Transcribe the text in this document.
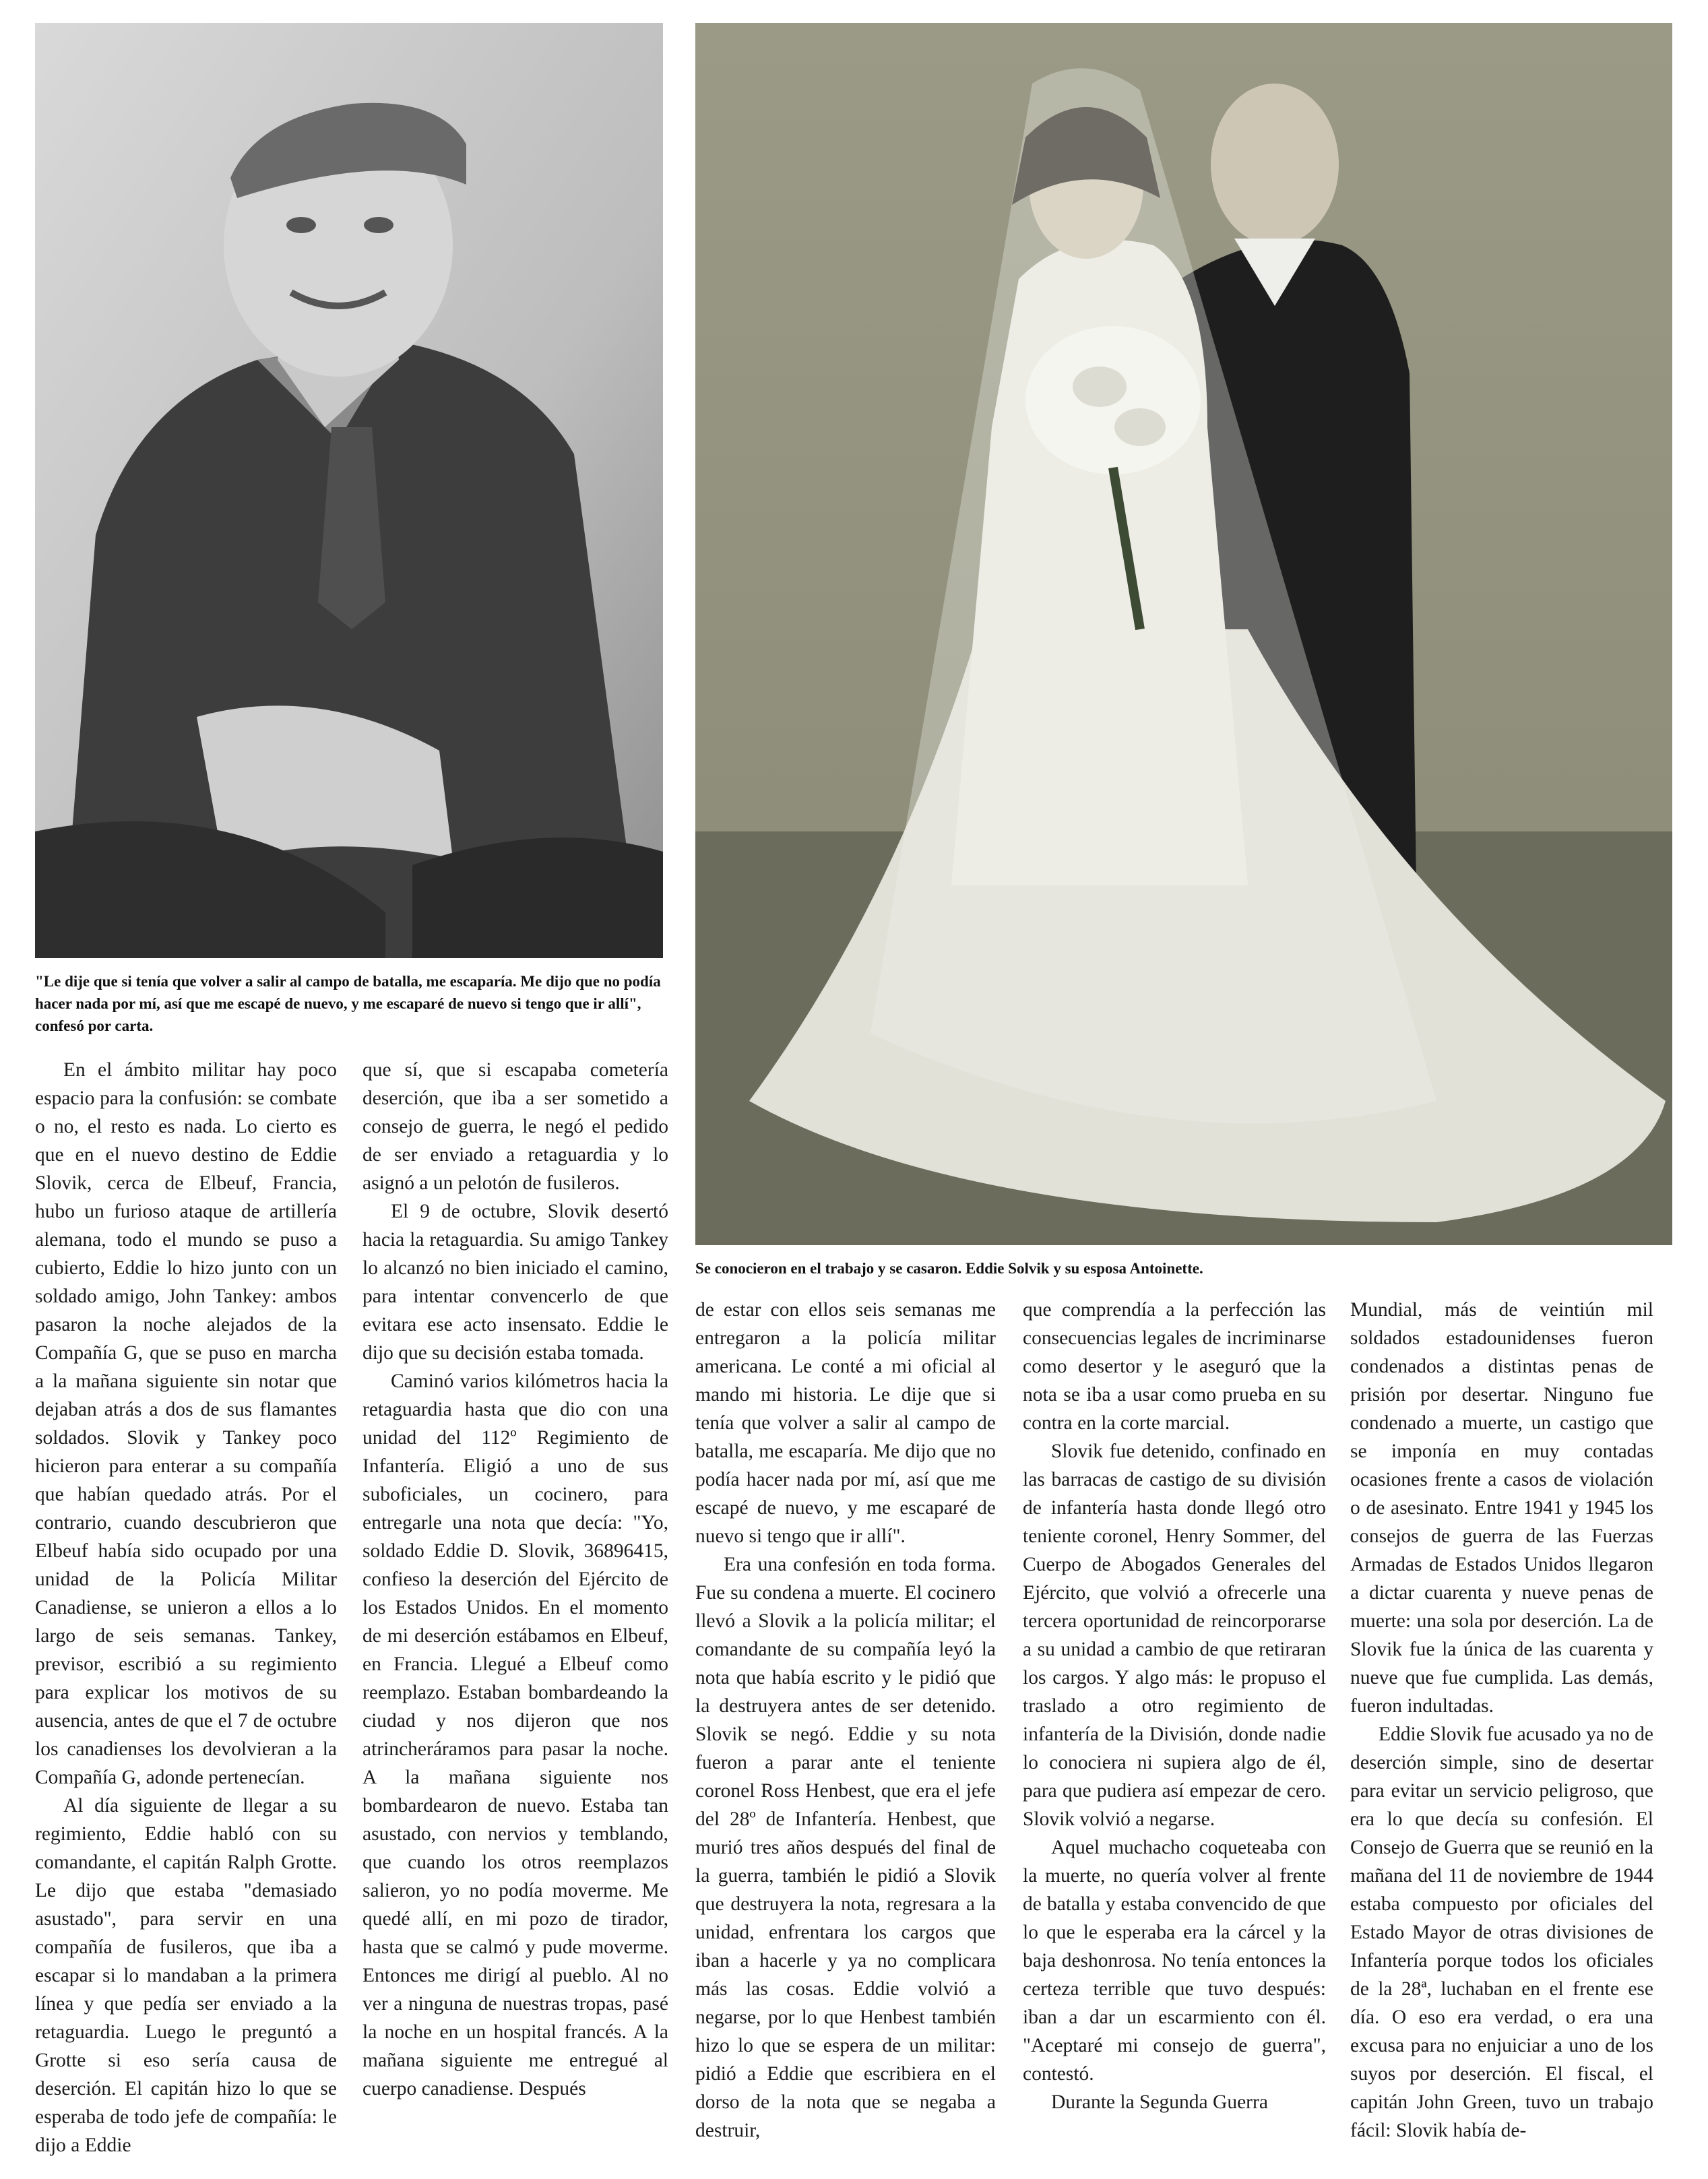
"Le dije que si tenía que volver a salir al campo de batalla, me escaparía. Me dijo que no podía hacer nada por mí, así que me escapé de nuevo, y me escaparé de nuevo si tengo que ir allí", confesó por carta.

Se conocieron en el trabajo y se casaron. Eddie Solvik y su esposa Antoinette.

En el ámbito militar hay poco espacio para la confusión: se combate o no, el resto es nada. Lo cierto es que en el nuevo destino de Eddie Slovik, cerca de Elbeuf, Francia, hubo un furioso ataque de artillería alemana, todo el mundo se puso a cubierto, Eddie lo hizo junto con un soldado amigo, John Tankey: ambos pasaron la noche alejados de la Compañía G, que se puso en marcha a la mañana siguiente sin notar que dejaban atrás a dos de sus flamantes soldados. Slovik y Tankey poco hicieron para enterar a su compañía que habían quedado atrás. Por el contrario, cuando descubrieron que Elbeuf había sido ocupado por una unidad de la Policía Militar Canadiense, se unieron a ellos a lo largo de seis semanas. Tankey, previsor, escribió a su regimiento para explicar los motivos de su ausencia, antes de que el 7 de octubre los canadienses los devolvieran a la Compañía G, adonde pertenecían.

Al día siguiente de llegar a su regimiento, Eddie habló con su comandante, el capitán Ralph Grotte. Le dijo que estaba "demasiado asustado", para servir en una compañía de fusileros, que iba a escapar si lo mandaban a la primera línea y que pedía ser enviado a la retaguardia. Luego le preguntó a Grotte si eso sería causa de deserción. El capitán hizo lo que se esperaba de todo jefe de compañía: le dijo a Eddie

que sí, que si escapaba cometería deserción, que iba a ser sometido a consejo de guerra, le negó el pedido de ser enviado a retaguardia y lo asignó a un pelotón de fusileros.

El 9 de octubre, Slovik desertó hacia la retaguardia. Su amigo Tankey lo alcanzó no bien iniciado el camino, para intentar convencerlo de que evitara ese acto insensato. Eddie le dijo que su decisión estaba tomada.

Caminó varios kilómetros hacia la retaguardia hasta que dio con una unidad del 112º Regimiento de Infantería. Eligió a uno de sus suboficiales, un cocinero, para entregarle una nota que decía: "Yo, soldado Eddie D. Slovik, 36896415, confieso la deserción del Ejército de los Estados Unidos. En el momento de mi deserción estábamos en Elbeuf, en Francia. Llegué a Elbeuf como reemplazo. Estaban bombardeando la ciudad y nos dijeron que nos atrincheráramos para pasar la noche. A la mañana siguiente nos bombardearon de nuevo. Estaba tan asustado, con nervios y temblando, que cuando los otros reemplazos salieron, yo no podía moverme. Me quedé allí, en mi pozo de tirador, hasta que se calmó y pude moverme. Entonces me dirigí al pueblo. Al no ver a ninguna de nuestras tropas, pasé la noche en un hospital francés. A la mañana siguiente me entregué al cuerpo canadiense. Después

de estar con ellos seis semanas me entregaron a la policía militar americana. Le conté a mi oficial al mando mi historia. Le dije que si tenía que volver a salir al campo de batalla, me escaparía. Me dijo que no podía hacer nada por mí, así que me escapé de nuevo, y me escaparé de nuevo si tengo que ir allí".

Era una confesión en toda forma. Fue su condena a muerte. El cocinero llevó a Slovik a la policía militar; el comandante de su compañía leyó la nota que había escrito y le pidió que la destruyera antes de ser detenido. Slovik se negó. Eddie y su nota fueron a parar ante el teniente coronel Ross Henbest, que era el jefe del 28º de Infantería. Henbest, que murió tres años después del final de la guerra, también le pidió a Slovik que destruyera la nota, regresara a la unidad, enfrentara los cargos que iban a hacerle y ya no complicara más las cosas. Eddie volvió a negarse, por lo que Henbest también hizo lo que se espera de un militar: pidió a Eddie que escribiera en el dorso de la nota que se negaba a destruir,

que comprendía a la perfección las consecuencias legales de incriminarse como desertor y le aseguró que la nota se iba a usar como prueba en su contra en la corte marcial.

Slovik fue detenido, confinado en las barracas de castigo de su división de infantería hasta donde llegó otro teniente coronel, Henry Sommer, del Cuerpo de Abogados Generales del Ejército, que volvió a ofrecerle una tercera oportunidad de reincorporarse a su unidad a cambio de que retiraran los cargos. Y algo más: le propuso el traslado a otro regimiento de infantería de la División, donde nadie lo conociera ni supiera algo de él, para que pudiera así empezar de cero. Slovik volvió a negarse.

Aquel muchacho coqueteaba con la muerte, no quería volver al frente de batalla y estaba convencido de que lo que le esperaba era la cárcel y la baja deshonrosa. No tenía entonces la certeza terrible que tuvo después: iban a dar un escarmiento con él. "Aceptaré mi consejo de guerra", contestó.

Durante la Segunda Guerra

Mundial, más de veintiún mil soldados estadounidenses fueron condenados a distintas penas de prisión por desertar. Ninguno fue condenado a muerte, un castigo que se imponía en muy contadas ocasiones frente a casos de violación o de asesinato. Entre 1941 y 1945 los consejos de guerra de las Fuerzas Armadas de Estados Unidos llegaron a dictar cuarenta y nueve penas de muerte: una sola por deserción. La de Slovik fue la única de las cuarenta y nueve que fue cumplida. Las demás, fueron indultadas.

Eddie Slovik fue acusado ya no de deserción simple, sino de desertar para evitar un servicio peligroso, que era lo que decía su confesión. El Consejo de Guerra que se reunió en la mañana del 11 de noviembre de 1944 estaba compuesto por oficiales del Estado Mayor de otras divisiones de Infantería porque todos los oficiales de la 28ª, luchaban en el frente ese día. O eso era verdad, o era una excusa para no enjuiciar a uno de los suyos por deserción. El fiscal, el capitán John Green, tuvo un trabajo fácil: Slovik había de-
